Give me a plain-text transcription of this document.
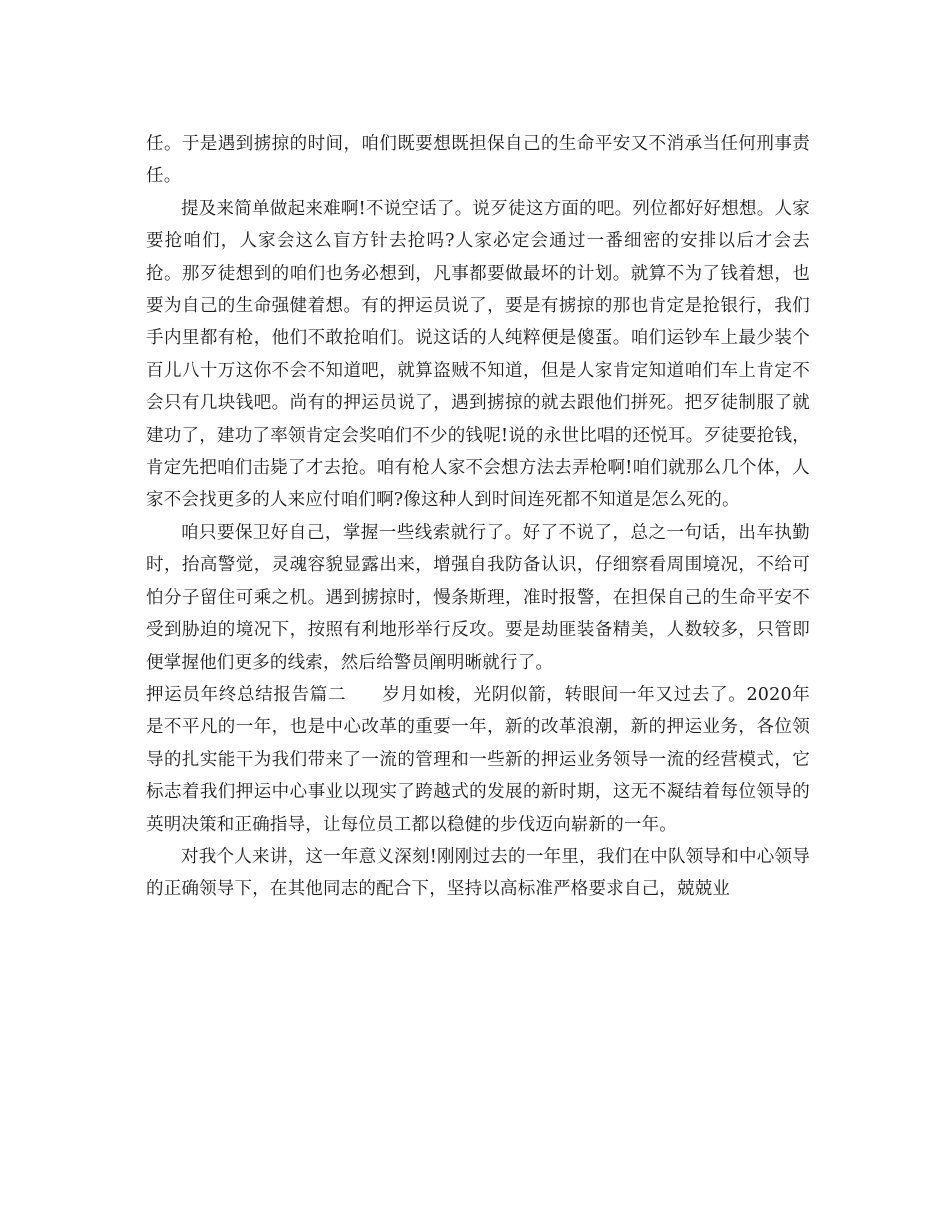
任。于是遇到掳掠的时间，咱们既要想既担保自己的生命平安又不消承当任何刑事责任。

提及来简单做起来难啊!不说空话了。说歹徒这方面的吧。列位都好好想想。人家要抢咱们，人家会这么盲方针去抢吗?人家必定会通过一番细密的安排以后才会去抢。那歹徒想到的咱们也务必想到，凡事都要做最坏的计划。就算不为了钱着想，也要为自己的生命强健着想。有的押运员说了，要是有掳掠的那也肯定是抢银行，我们手内里都有枪，他们不敢抢咱们。说这话的人纯粹便是傻蛋。咱们运钞车上最少装个百儿八十万这你不会不知道吧，就算盗贼不知道，但是人家肯定知道咱们车上肯定不会只有几块钱吧。尚有的押运员说了，遇到掳掠的就去跟他们拼死。把歹徒制服了就建功了，建功了率领肯定会奖咱们不少的钱呢!说的永世比唱的还悦耳。歹徒要抢钱，肯定先把咱们击毙了才去抢。咱有枪人家不会想方法去弄枪啊!咱们就那么几个体，人家不会找更多的人来应付咱们啊?像这种人到时间连死都不知道是怎么死的。

咱只要保卫好自己，掌握一些线索就行了。好了不说了，总之一句话，出车执勤时，抬高警觉，灵魂容貌显露出来，增强自我防备认识，仔细察看周围境况，不给可怕分子留住可乘之机。遇到掳掠时，慢条斯理，准时报警，在担保自己的生命平安不受到胁迫的境况下，按照有利地形举行反攻。要是劫匪装备精美，人数较多，只管即便掌握他们更多的线索，然后给警员阐明晰就行了。

押运员年终总结报告篇二　　岁月如梭，光阴似箭，转眼间一年又过去了。2020年是不平凡的一年，也是中心改革的重要一年，新的改革浪潮，新的押运业务，各位领导的扎实能干为我们带来了一流的管理和一些新的押运业务领导一流的经营模式，它标志着我们押运中心事业以现实了跨越式的发展的新时期，这无不凝结着每位领导的英明决策和正确指导，让每位员工都以稳健的步伐迈向崭新的一年。

对我个人来讲，这一年意义深刻!刚刚过去的一年里，我们在中队领导和中心领导的正确领导下，在其他同志的配合下，坚持以高标准严格要求自己，兢兢业
